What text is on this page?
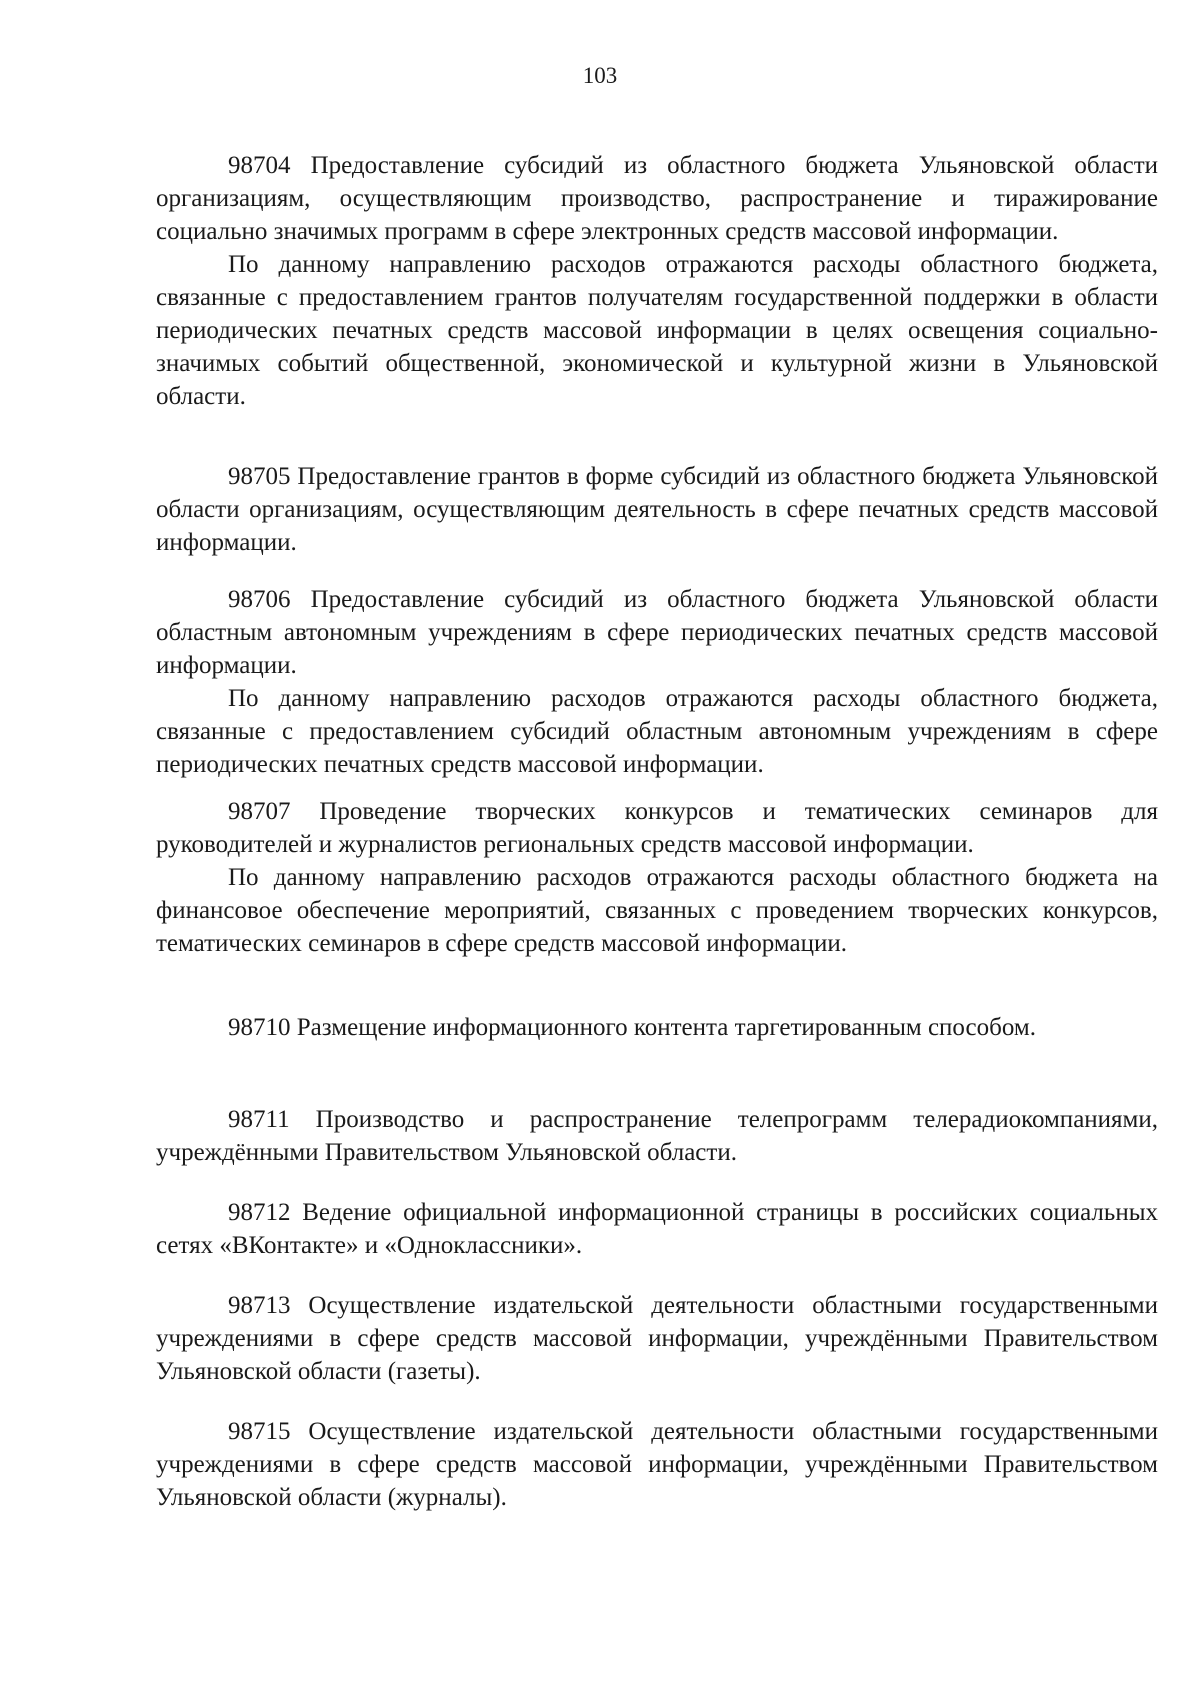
103

98704 Предоставление субсидий из областного бюджета Ульяновской области организациям, осуществляющим производство, распространение и тиражирование социально значимых программ в сфере электронных средств массовой информации.

По данному направлению расходов отражаются расходы областного бюджета, связанные с предоставлением грантов получателям государственной поддержки в области периодических печатных средств массовой информации в целях освещения социально-значимых событий общественной, экономической и культурной жизни в Ульяновской области.

98705 Предоставление грантов в форме субсидий из областного бюджета Ульяновской области организациям, осуществляющим деятельность в сфере печатных средств массовой информации.

98706 Предоставление субсидий из областного бюджета Ульяновской области областным автономным учреждениям в сфере периодических печатных средств массовой информации.

По данному направлению расходов отражаются расходы областного бюджета, связанные с предоставлением субсидий областным автономным учреждениям в сфере периодических печатных средств массовой информации.

98707 Проведение творческих конкурсов и тематических семинаров для руководителей и журналистов региональных средств массовой информации.

По данному направлению расходов отражаются расходы областного бюджета на финансовое обеспечение мероприятий, связанных с проведением творческих конкурсов, тематических семинаров в сфере средств массовой информации.

98710 Размещение информационного контента таргетированным способом.

98711 Производство и распространение телепрограмм телерадиокомпаниями, учреждёнными Правительством Ульяновской области.

98712 Ведение официальной информационной страницы в российских социальных сетях «ВКонтакте» и «Одноклассники».

98713 Осуществление издательской деятельности областными государственными учреждениями в сфере средств массовой информации, учреждёнными Правительством Ульяновской области (газеты).

98715 Осуществление издательской деятельности областными государственными учреждениями в сфере средств массовой информации, учреждёнными Правительством Ульяновской области (журналы).
